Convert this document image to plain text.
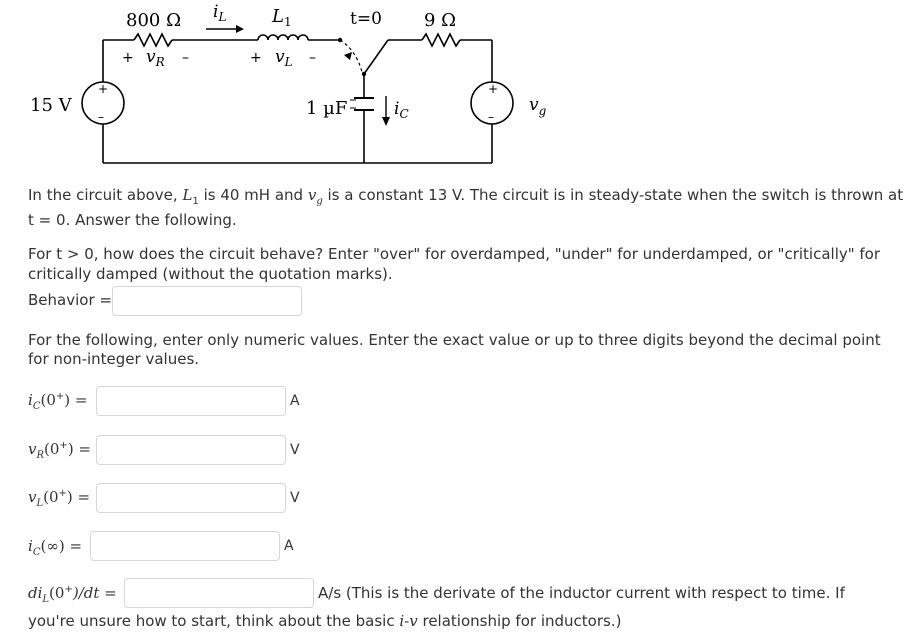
800 Ω $i_L$	$L_1$	t=0 9 Ω
+ $v_R$ –	+ $v_L$ –
15 V
+
–	1 µF	$i_C$
+
–
$v_g$
In the circuit above, $L_1$ is 40 mH and $v_g$ is a constant 13 V. The circuit is in steady-state when the switch is thrown at
t = 0. Answer the following.
For t > 0, how does the circuit behave? Enter "over" for overdamped, "under" for underdamped, or "critically" for
critically damped (without the quotation marks).
Behavior =
For the following, enter only numeric values. Enter the exact value or up to three digits beyond the decimal point
for non-integer values.
$i_C(0^+)$ =	A
$v_R(0^+)$ =	V
$v_L(0^+)$ =	V
$i_C(\infty)$ =	A
$di_L(0^+)/dt$ =	A/s (This is the derivate of the inductor current with respect to time. If
you're unsure how to start, think about the basic i-v relationship for inductors.)
